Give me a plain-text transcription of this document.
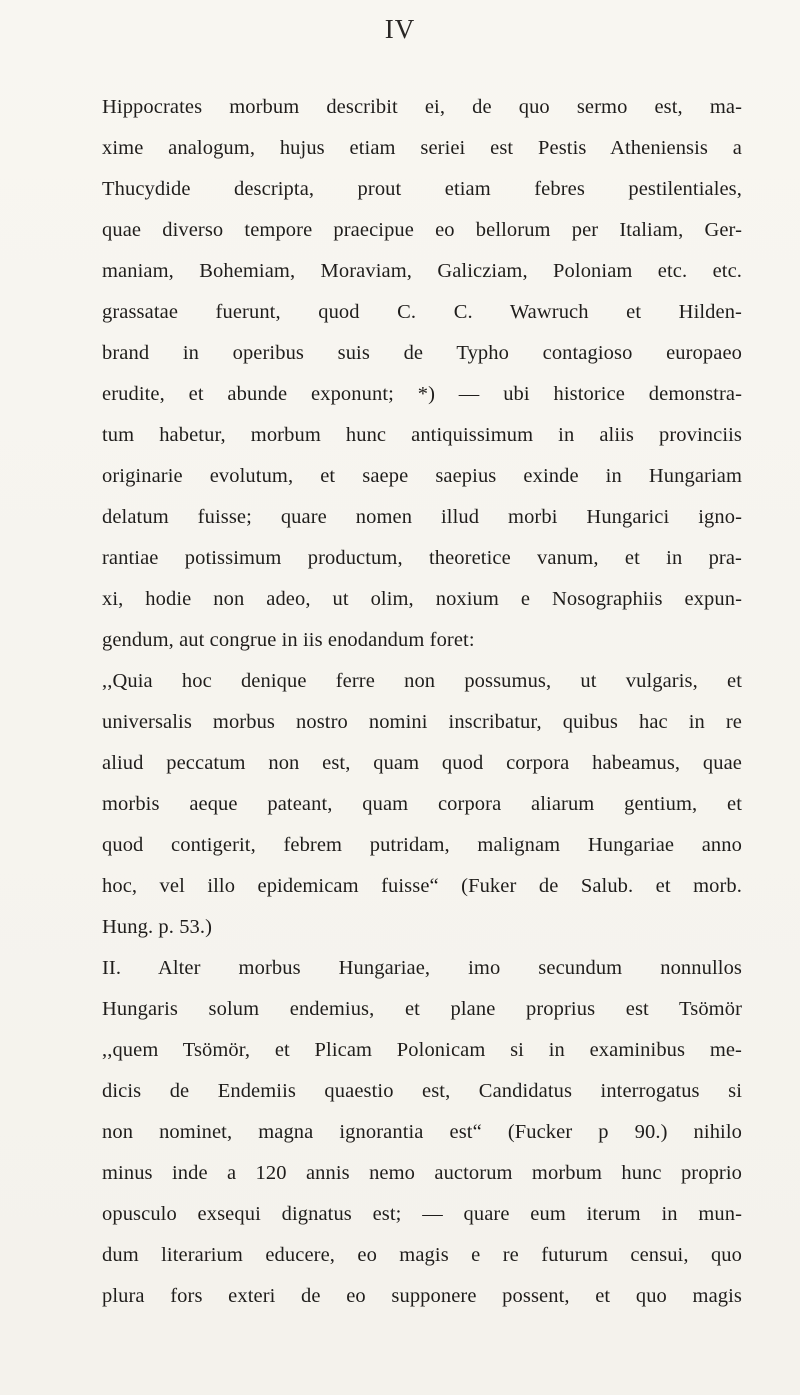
IV
Hippocrates morbum describit ei, de quo sermo est, ma-
xime analogum, hujus etiam seriei est Pestis Atheniensis a
Thucydide descripta, prout etiam febres pestilentiales,
quae diverso tempore praecipue eo bellorum per Italiam, Ger-
maniam, Bohemiam, Moraviam, Galicziam, Poloniam etc. etc.
grassatae fuerunt, quod C. C. Wawruch et Hilden-
brand in operibus suis de Typho contagioso europaeo
erudite, et abunde exponunt; *) — ubi historice demonstra-
tum habetur, morbum hunc antiquissimum in aliis provinciis
originarie evolutum, et saepe saepius exinde in Hungariam
delatum fuisse; quare nomen illud morbi Hungarici igno-
rantiae potissimum productum, theoretice vanum, et in pra-
xi, hodie non adeo, ut olim, noxium e Nosographiis expun-
gendum, aut congrue in iis enodandum foret:
,,Quia hoc denique ferre non possumus, ut vulgaris, et
universalis morbus nostro nomini inscribatur, quibus hac in re
aliud peccatum non est, quam quod corpora habeamus, quae
morbis aeque pateant, quam corpora aliarum gentium, et
quod contigerit, febrem putridam, malignam Hungariae anno
hoc, vel illo epidemicam fuisse“ (Fuker de Salub. et morb.
Hung. p. 53.)
II. Alter morbus Hungariae, imo secundum nonnullos
Hungaris solum endemius, et plane proprius est Tsömör
,,quem Tsömör, et Plicam Polonicam si in examinibus me-
dicis de Endemiis quaestio est, Candidatus interrogatus si
non nominet, magna ignorantia est“ (Fucker p 90.) nihilo
minus inde a 120 annis nemo auctorum morbum hunc proprio
opusculo exsequi dignatus est; — quare eum iterum in mun-
dum literarium educere, eo magis e re futurum censui, quo
plura fors exteri de eo supponere possent, et quo magis
